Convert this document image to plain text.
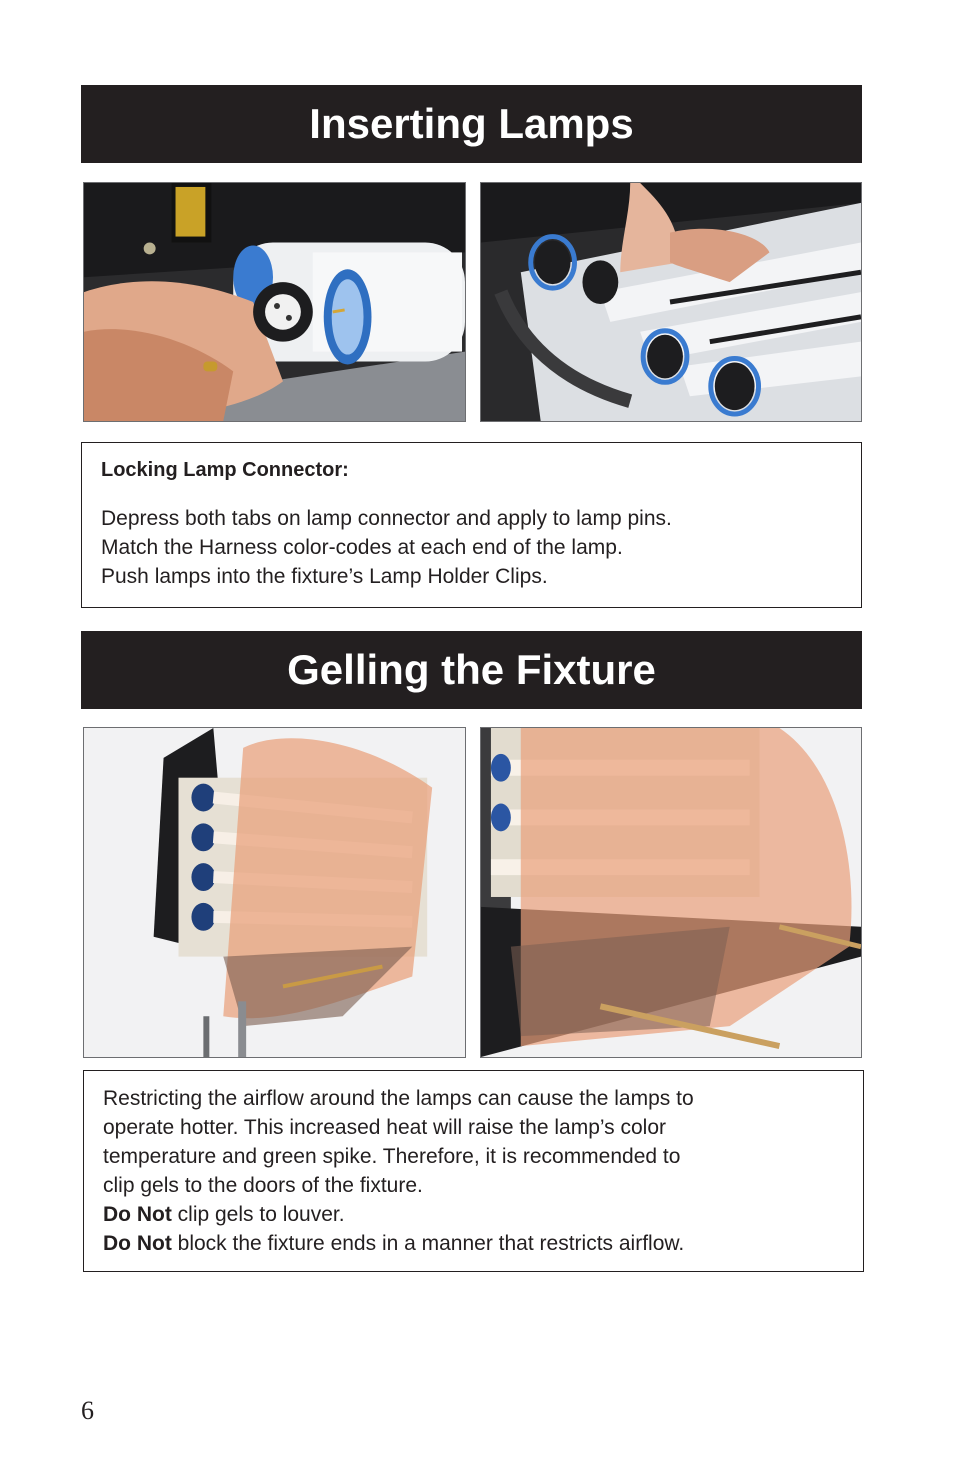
Inserting Lamps
Locking Lamp Connector:
Depress both tabs on lamp connector and apply to lamp pins.
Match the Harness color-codes at each end of the lamp.
Push lamps into the fixture’s Lamp Holder Clips.
Gelling the Fixture
Restricting the airflow around the lamps can cause the lamps to
operate hotter. This increased heat will raise the lamp’s color
temperature and green spike. Therefore, it is recommended to
clip gels to the doors of the fixture.
Do Not clip gels to louver.
Do Not block the fixture ends in a manner that restricts airflow.
6
